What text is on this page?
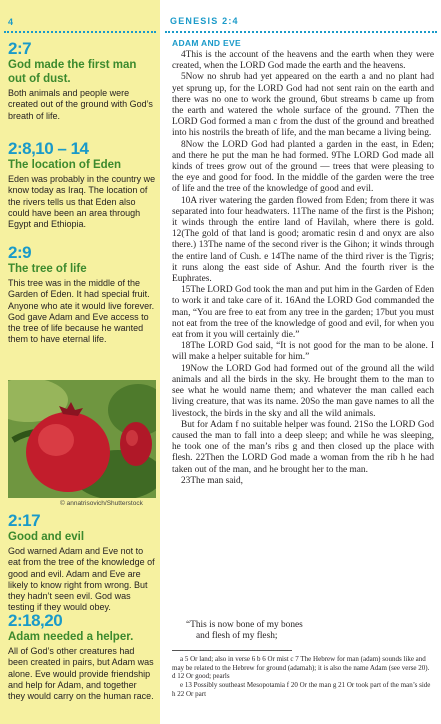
4
2:7
God made the first man out of dust.
Both animals and people were created out of the ground with God’s breath of life.
2:8,10 – 14
The location of Eden
Eden was probably in the country we know today as Iraq. The location of the rivers tells us that Eden also could have been an area through Egypt and Ethiopia.
2:9
The tree of life
This tree was in the middle of the Garden of Eden. It had special fruit. Anyone who ate it would live forever. God gave Adam and Eve access to the tree of life because he wanted them to have eternal life.
© annatrisovich/Shutterstock
2:17
Good and evil
God warned Adam and Eve not to eat from the tree of the knowledge of good and evil. Adam and Eve are likely to know right from wrong. But they hadn’t seen evil. God was testing if they would obey.
2:18,20
Adam needed a helper.
All of God’s other creatures had been created in pairs, but Adam was alone. Eve would provide friendship and help for Adam, and together they would carry on the human race.
GENESIS 2:4
ADAM AND EVE

4This is the account of the heavens and the earth when they were created, when the LORD God made the earth and the heavens.

5Now no shrub had yet appeared on the earth a and no plant had yet sprung up, for the LORD God had not sent rain on the earth and there was no one to work the ground, 6but streams b came up from the earth and watered the whole surface of the ground. 7Then the LORD God formed a man c from the dust of the ground and breathed into his nostrils the breath of life, and the man became a living being.

8Now the LORD God had planted a garden in the east, in Eden; and there he put the man he had formed. 9The LORD God made all kinds of trees grow out of the ground — trees that were pleasing to the eye and good for food. In the middle of the garden were the tree of life and the tree of the knowledge of good and evil.

10A river watering the garden flowed from Eden; from there it was separated into four headwaters. 11The name of the first is the Pishon; it winds through the entire land of Havilah, where there is gold. 12(The gold of that land is good; aromatic resin d and onyx are also there.) 13The name of the second river is the Gihon; it winds through the entire land of Cush. e 14The name of the third river is the Tigris; it runs along the east side of Ashur. And the fourth river is the Euphrates.

15The LORD God took the man and put him in the Garden of Eden to work it and take care of it. 16And the LORD God commanded the man, “You are free to eat from any tree in the garden; 17but you must not eat from the tree of the knowledge of good and evil, for when you eat from it you will certainly die.”

18The LORD God said, “It is not good for the man to be alone. I will make a helper suitable for him.”

19Now the LORD God had formed out of the ground all the wild animals and all the birds in the sky. He brought them to the man to see what he would name them; and whatever the man called each living creature, that was its name. 20So the man gave names to all the livestock, the birds in the sky and all the wild animals.

But for Adam f no suitable helper was found. 21So the LORD God caused the man to fall into a deep sleep; and while he was sleeping, he took one of the man’s ribs g and then closed up the place with flesh. 22Then the LORD God made a woman from the rib h he had taken out of the man, and he brought her to the man.

23The man said,

“This is now bone of my bones
and flesh of my flesh;

a 5 Or land; also in verse 6 b 6 Or mist c 7 The Hebrew for man (adam) sounds like and may be related to the Hebrew for ground (adamah); it is also the name Adam (see verse 20). d 12 Or good; pearls

e 13 Possibly southeast Mesopotamia f 20 Or the man g 21 Or took part of the man’s side h 22 Or part
